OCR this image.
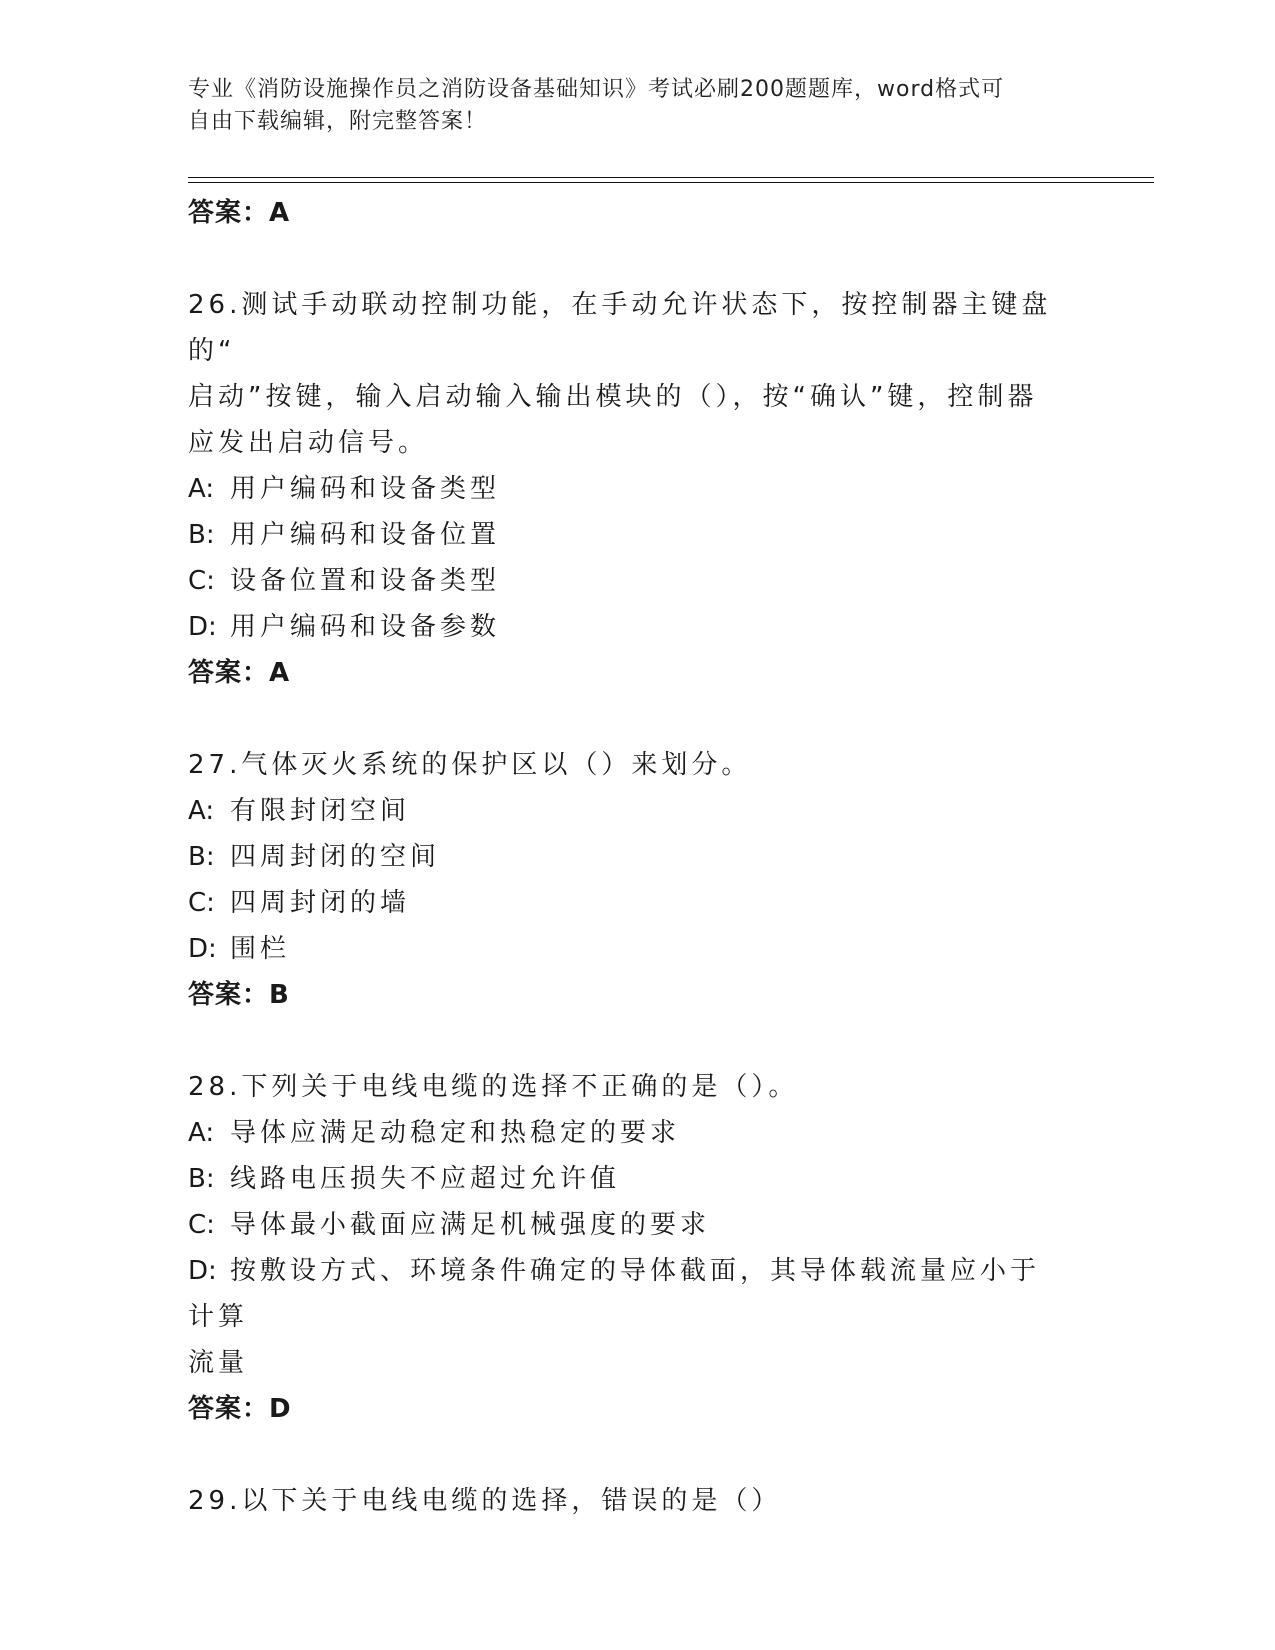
专业《消防设施操作员之消防设备基础知识》考试必刷200题题库，word格式可
自由下载编辑，附完整答案！
答案：A
26.测试手动联动控制功能，在手动允许状态下，按控制器主键盘的“
启动”按键，输入启动输入输出模块的（），按“确认”键，控制器
应发出启动信号。
A: 用户编码和设备类型
B: 用户编码和设备位置
C: 设备位置和设备类型
D: 用户编码和设备参数
答案：A
27.气体灭火系统的保护区以（）来划分。
A: 有限封闭空间
B: 四周封闭的空间
C: 四周封闭的墙
D: 围栏
答案：B
28.下列关于电线电缆的选择不正确的是（）。
A: 导体应满足动稳定和热稳定的要求
B: 线路电压损失不应超过允许值
C: 导体最小截面应满足机械强度的要求
D: 按敷设方式、环境条件确定的导体截面，其导体载流量应小于计算
流量
答案：D
29.以下关于电线电缆的选择，错误的是（）
